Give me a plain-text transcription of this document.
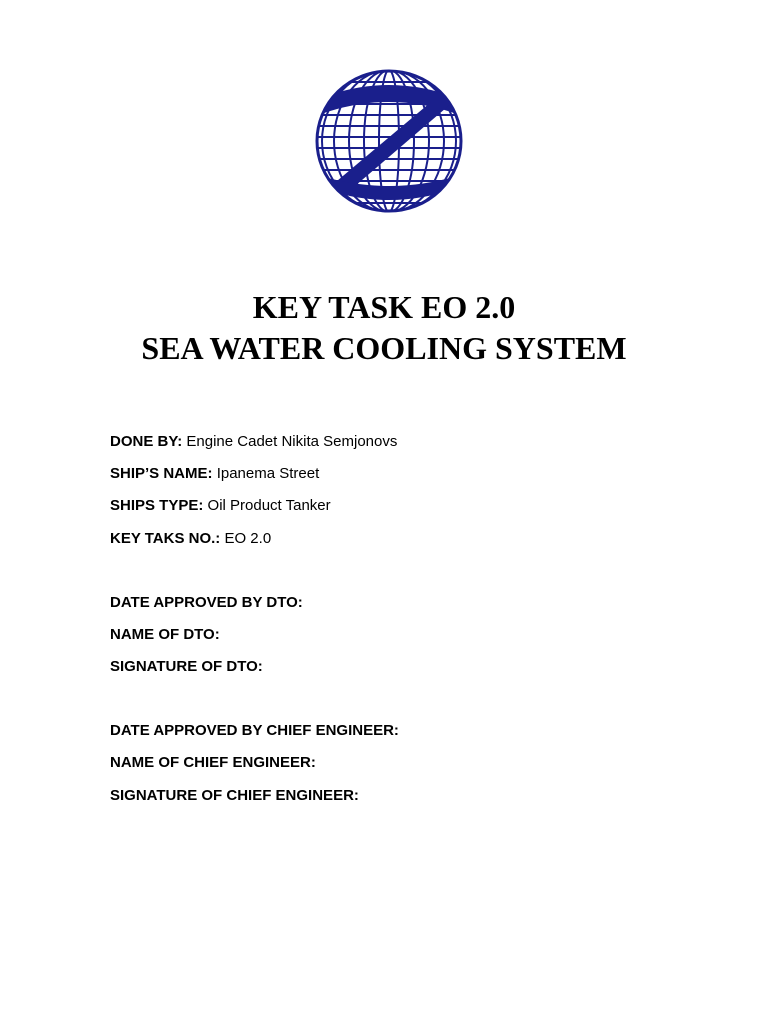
KEY TASK EO 2.0
SEA WATER COOLING SYSTEM
DONE BY: Engine Cadet Nikita Semjonovs
SHIP’S NAME: Ipanema Street
SHIPS TYPE: Oil Product Tanker
KEY TAKS NO.: EO 2.0
DATE APPROVED BY DTO:
NAME OF DTO:
SIGNATURE OF DTO:
DATE APPROVED BY CHIEF ENGINEER:
NAME OF CHIEF ENGINEER:
SIGNATURE OF CHIEF ENGINEER:
